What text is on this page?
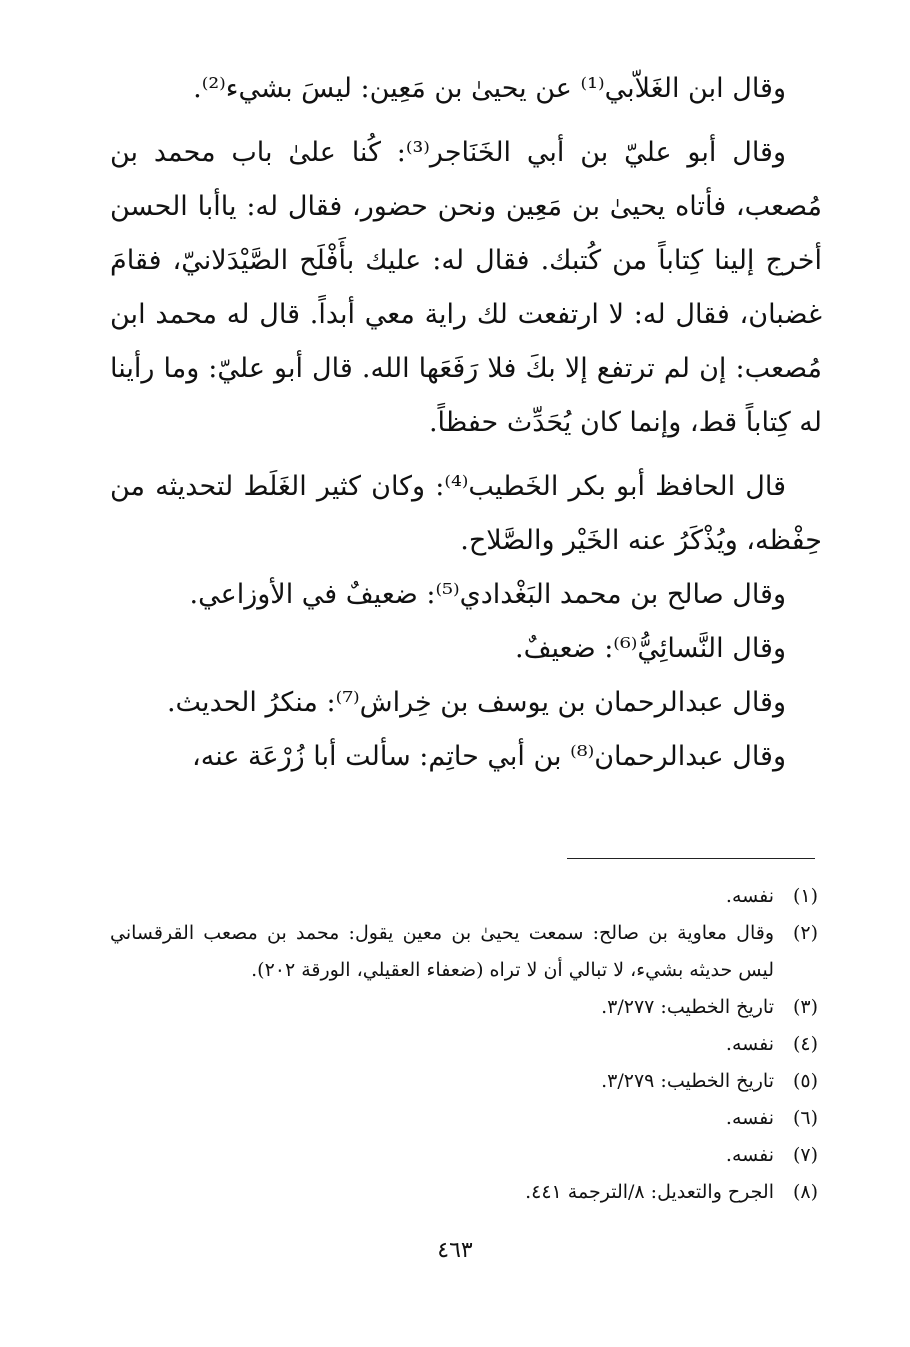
وقال ابن الغَلاّبي⁽¹⁾ عن يحيىٰ بن مَعِين: ليسَ بشيء⁽²⁾.

وقال أبو عليّ بن أبي الخَنَاجر⁽³⁾: كُنا علىٰ باب محمد بن مُصعب، فأتاه يحيىٰ بن مَعِين ونحن حضور، فقال له: ياأبا الحسن أخرج إلينا كِتاباً من كُتبك. فقال له: عليك بأَفْلَح الصَّيْدَلانيّ، فقامَ غضبان، فقال له: لا ارتفعت لك راية معي أبداً. قال له محمد ابن مُصعب: إن لم ترتفع إلا بكَ فلا رَفَعَها الله. قال أبو عليّ: وما رأينا له كِتاباً قط، وإنما كان يُحَدِّث حفظاً.

قال الحافظ أبو بكر الخَطيب⁽⁴⁾: وكان كثير الغَلَط لتحديثه من حِفْظه، ويُذْكَرُ عنه الخَيْر والصَّلاح.

وقال صالح بن محمد البَغْدادي⁽⁵⁾: ضعيفٌ في الأوزاعي.

وقال النَّسائِيُّ⁽⁶⁾: ضعيفٌ.

وقال عبدالرحمان بن يوسف بن خِراش⁽⁷⁾: منكرُ الحديث.

وقال عبدالرحمان⁽⁸⁾ بن أبي حاتِم: سألت أبا زُرْعَة عنه،

(١)
نفسه.
(٢)
وقال معاوية بن صالح: سمعت يحيىٰ بن معين يقول: محمد بن مصعب القرقساني ليس حديثه بشيء، لا تبالي أن لا تراه (ضعفاء العقيلي، الورقة ٢٠٢).
(٣)
تاريخ الخطيب: ٣/٢٧٧.
(٤)
نفسه.
(٥)
تاريخ الخطيب: ٣/٢٧٩.
(٦)
نفسه.
(٧)
نفسه.
(٨)
الجرح والتعديل: ٨/الترجمة ٤٤١.
٤٦٣
